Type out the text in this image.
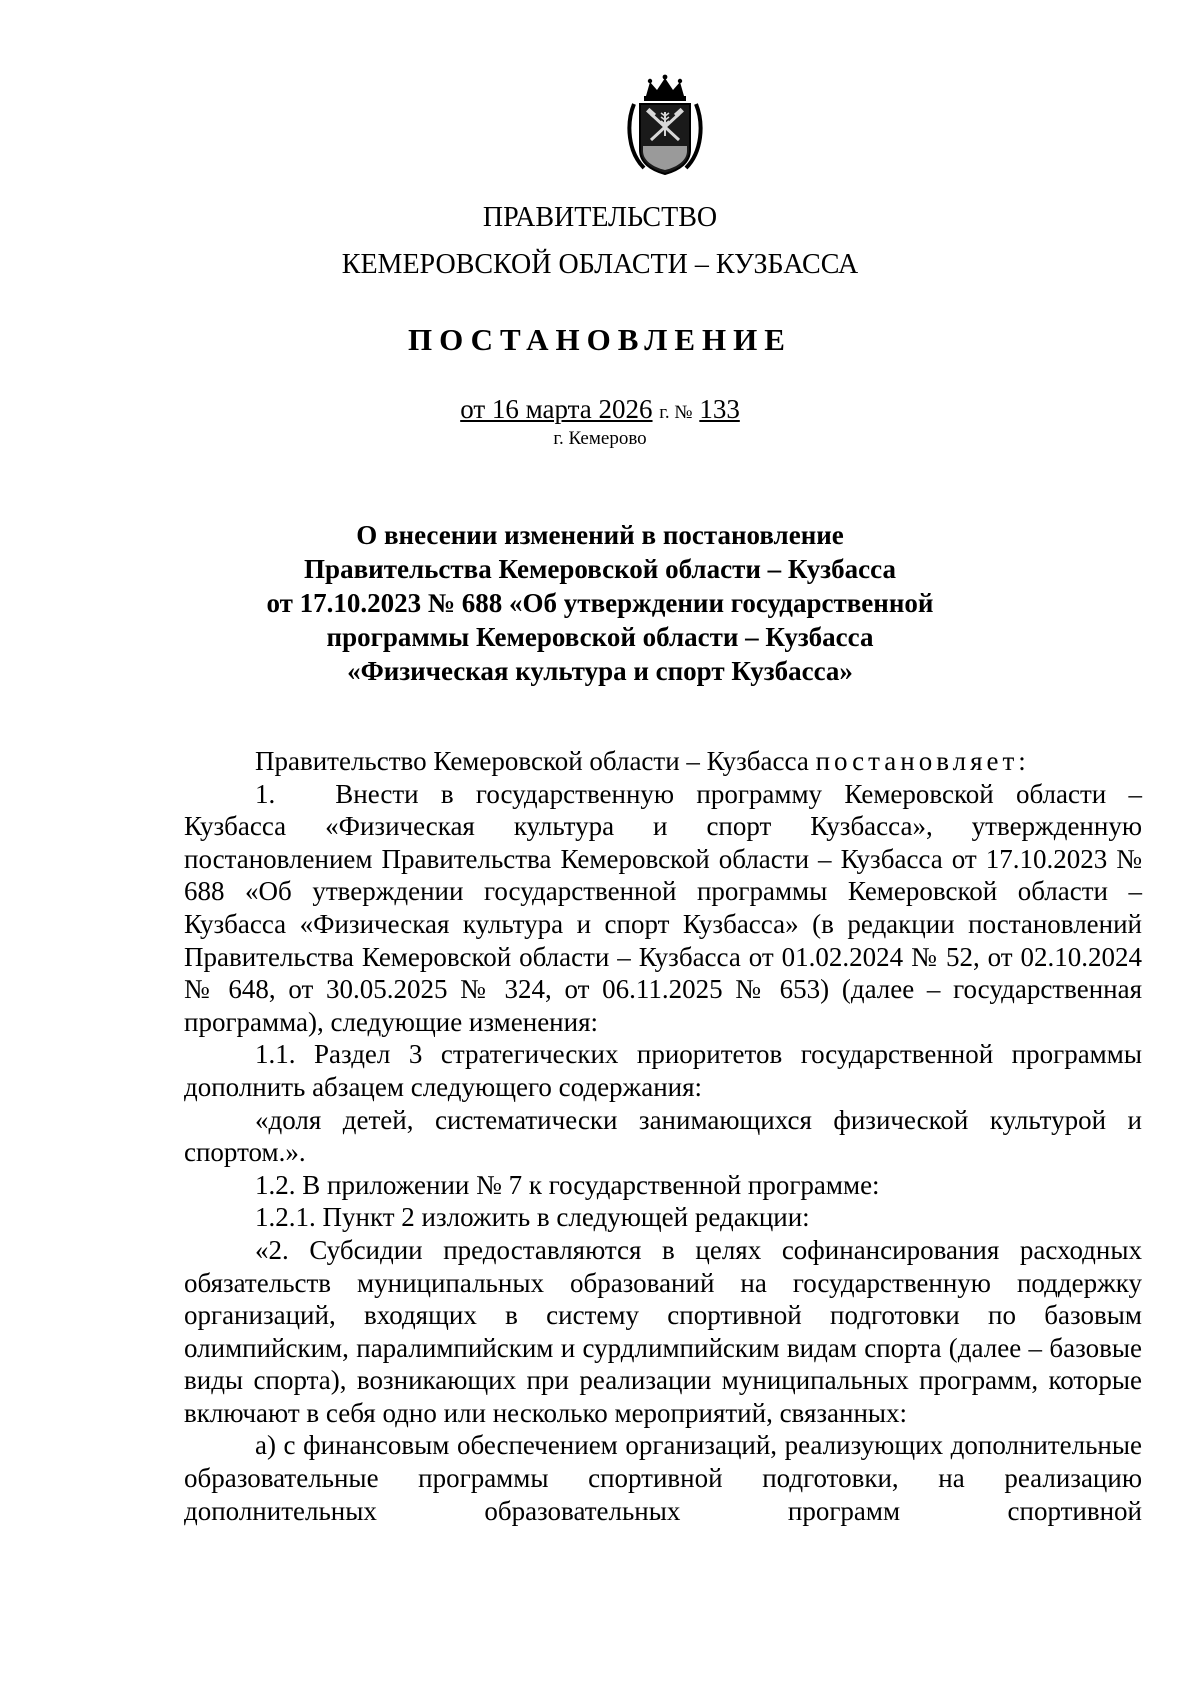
ПРАВИТЕЛЬСТВО
КЕМЕРОВСКОЙ ОБЛАСТИ – КУЗБАССА
ПОСТАНОВЛЕНИЕ
от 16 марта 2026 г. № 133
г. Кемерово
О внесении изменений в постановление
Правительства Кемеровской области – Кузбасса
от 17.10.2023 № 688 «Об утверждении государственной
программы Кемеровской области – Кузбасса
«Физическая культура и спорт Кузбасса»

Правительство Кемеровской области – Кузбасса постановляет:

1. Внести в государственную программу Кемеровской области – Кузбасса «Физическая культура и спорт Кузбасса», утвержденную постановлением Правительства Кемеровской области – Кузбасса от 17.10.2023 № 688 «Об утверждении государственной программы Кемеровской области – Кузбасса «Физическая культура и спорт Кузбасса» (в редакции постановлений Правительства Кемеровской области – Кузбасса от 01.02.2024 № 52, от 02.10.2024 № 648, от 30.05.2025 № 324, от 06.11.2025 № 653) (далее – государственная программа), следующие изменения:

1.1. Раздел 3 стратегических приоритетов государственной программы дополнить абзацем следующего содержания:

«доля детей, систематически занимающихся физической культурой и спортом.».

1.2. В приложении № 7 к государственной программе:

1.2.1. Пункт 2 изложить в следующей редакции:

«2. Субсидии предоставляются в целях софинансирования расходных обязательств муниципальных образований на государственную поддержку организаций, входящих в систему спортивной подготовки по базовым олимпийским, паралимпийским и сурдлимпийским видам спорта (далее – базовые виды спорта), возникающих при реализации муниципальных программ, которые включают в себя одно или несколько мероприятий, связанных:

а) с финансовым обеспечением организаций, реализующих дополнительные образовательные программы спортивной подготовки, на реализацию дополнительных образовательных программ спортивной
